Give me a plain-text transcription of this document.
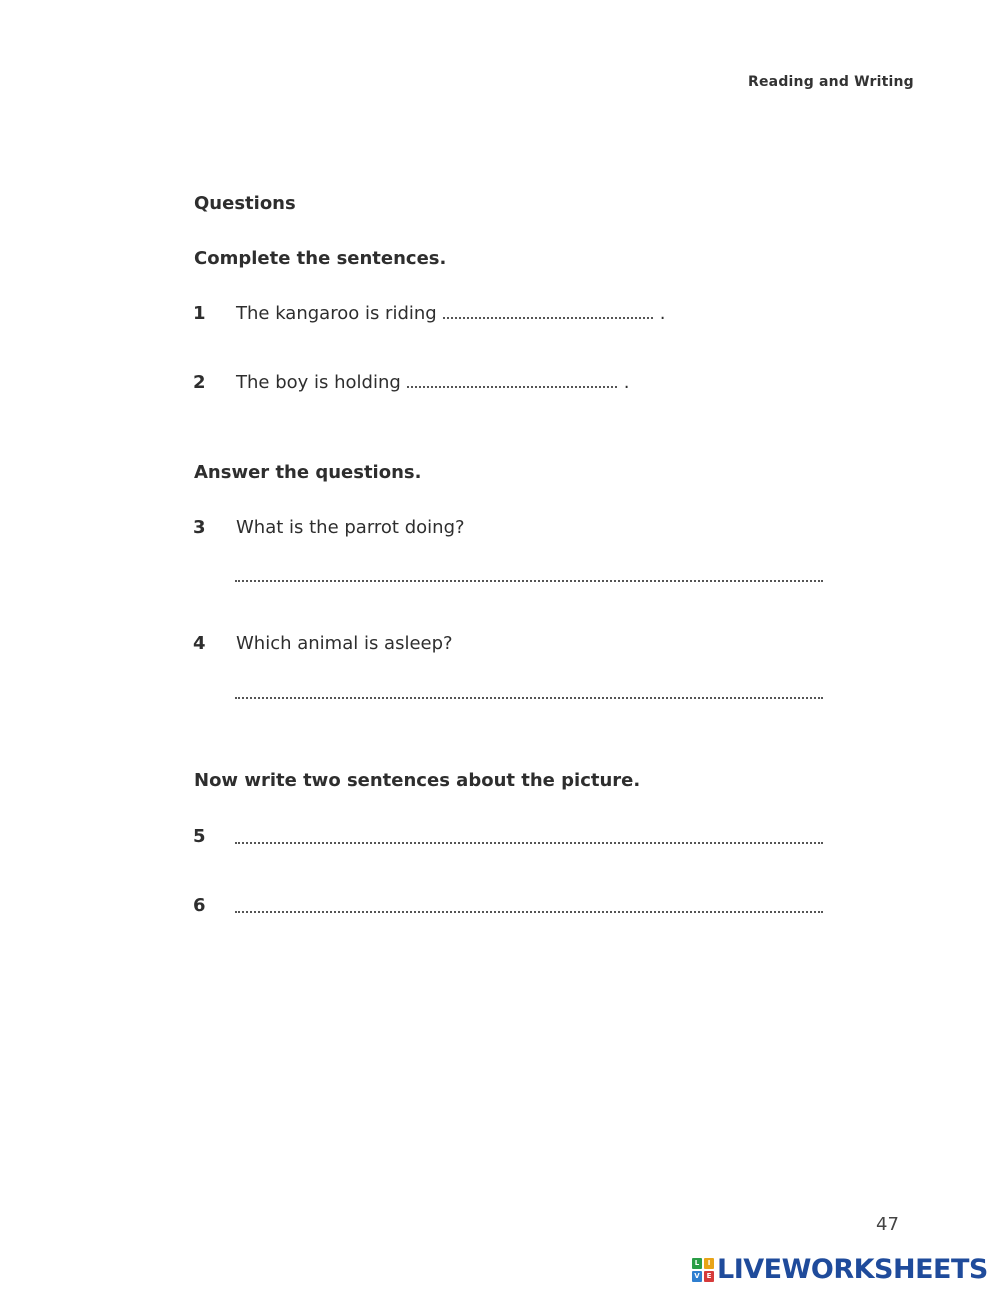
Reading and Writing
Questions
Complete the sentences.
1 The kangaroo is riding	.
2 The boy is holding	.
Answer the questions.
3 What is the parrot doing?
4 Which animal is asleep?
Now write two sentences about the picture.
5
6
47
L	I
V E LIVEWORKSHEETS
